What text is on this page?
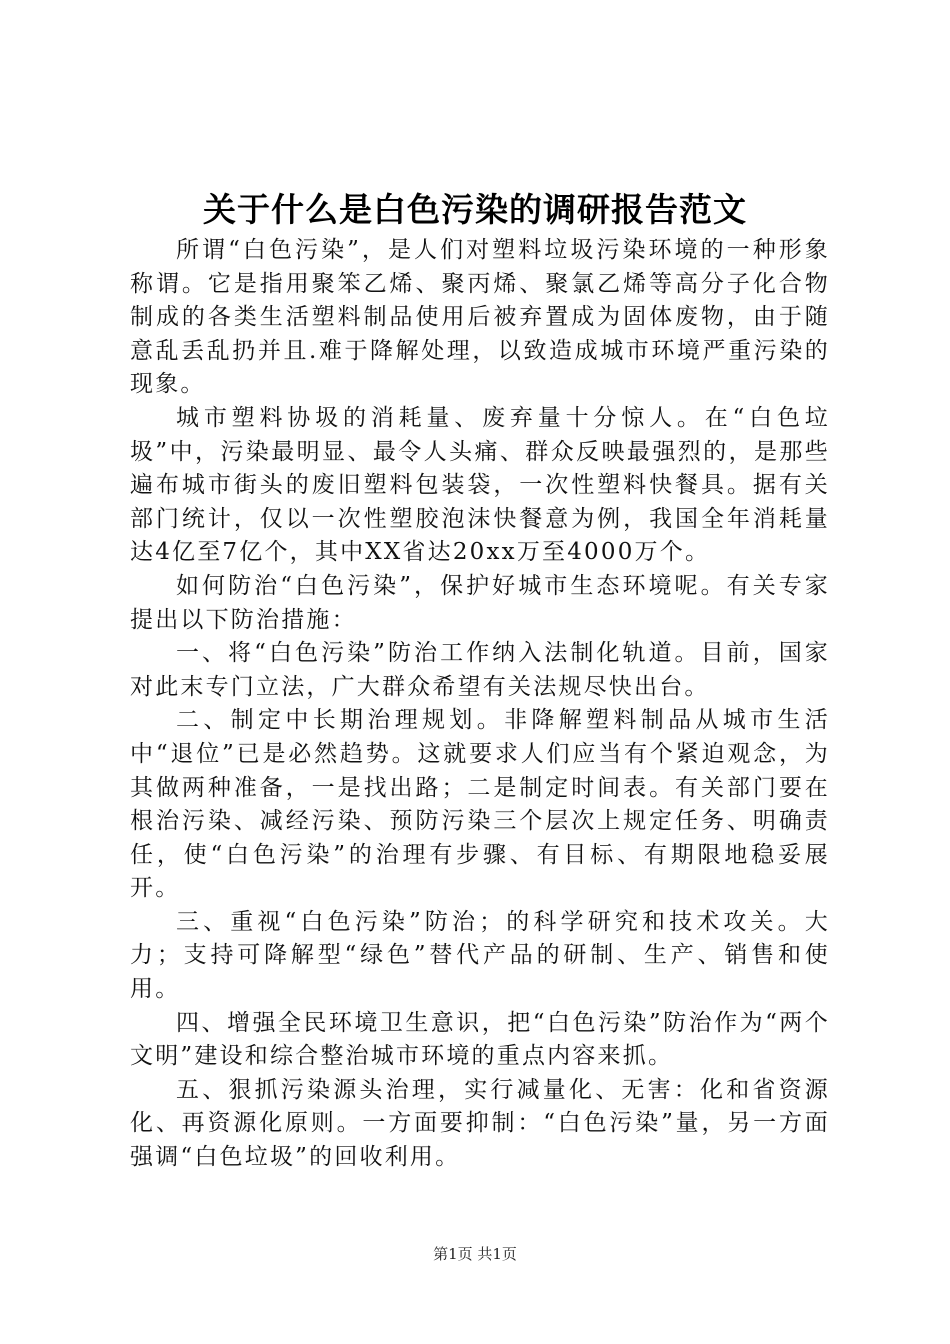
关于什么是白色污染的调研报告范文

所谓“白色污染”，是人们对塑料垃圾污染环境的一种形象称谓。它是指用聚笨乙烯、聚丙烯、聚氯乙烯等高分子化合物制成的各类生活塑料制品使用后被弃置成为固体废物，由于随意乱丢乱扔并且.难于降解处理，以致造成城市环境严重污染的现象。

城市塑料协圾的消耗量、废弃量十分惊人。在“白色垃圾”中，污染最明显、最令人头痛、群众反映最强烈的，是那些遍布城市街头的废旧塑料包装袋，一次性塑料快餐具。据有关部门统计，仅以一次性塑胶泡沫快餐意为例，我国全年消耗量达4亿至7亿个，其中XX省达20xx万至4000万个。

如何防治“白色污染”，保护好城市生态环境呢。有关专家提出以下防治措施：

一、将“白色污染”防治工作纳入法制化轨道。目前，国家对此末专门立法，广大群众希望有关法规尽快出台。

二、制定中长期治理规划。非降解塑料制品从城市生活中“退位”已是必然趋势。这就要求人们应当有个紧迫观念，为其做两种准备，一是找出路；二是制定时间表。有关部门要在根治污染、减经污染、预防污染三个层次上规定任务、明确责任，使“白色污染”的治理有步骤、有目标、有期限地稳妥展开。

三、重视“白色污染”防治；的科学研究和技术攻关。大力；支持可降解型“绿色”替代产品的研制、生产、销售和使用。

四、增强全民环境卫生意识，把“白色污染”防治作为“两个文明”建设和综合整治城市环境的重点内容来抓。

五、狠抓污染源头治理，实行减量化、无害：化和省资源化、再资源化原则。一方面要抑制：“白色污染”量，另一方面强调“白色垃圾”的回收利用。

第1页 共1页
